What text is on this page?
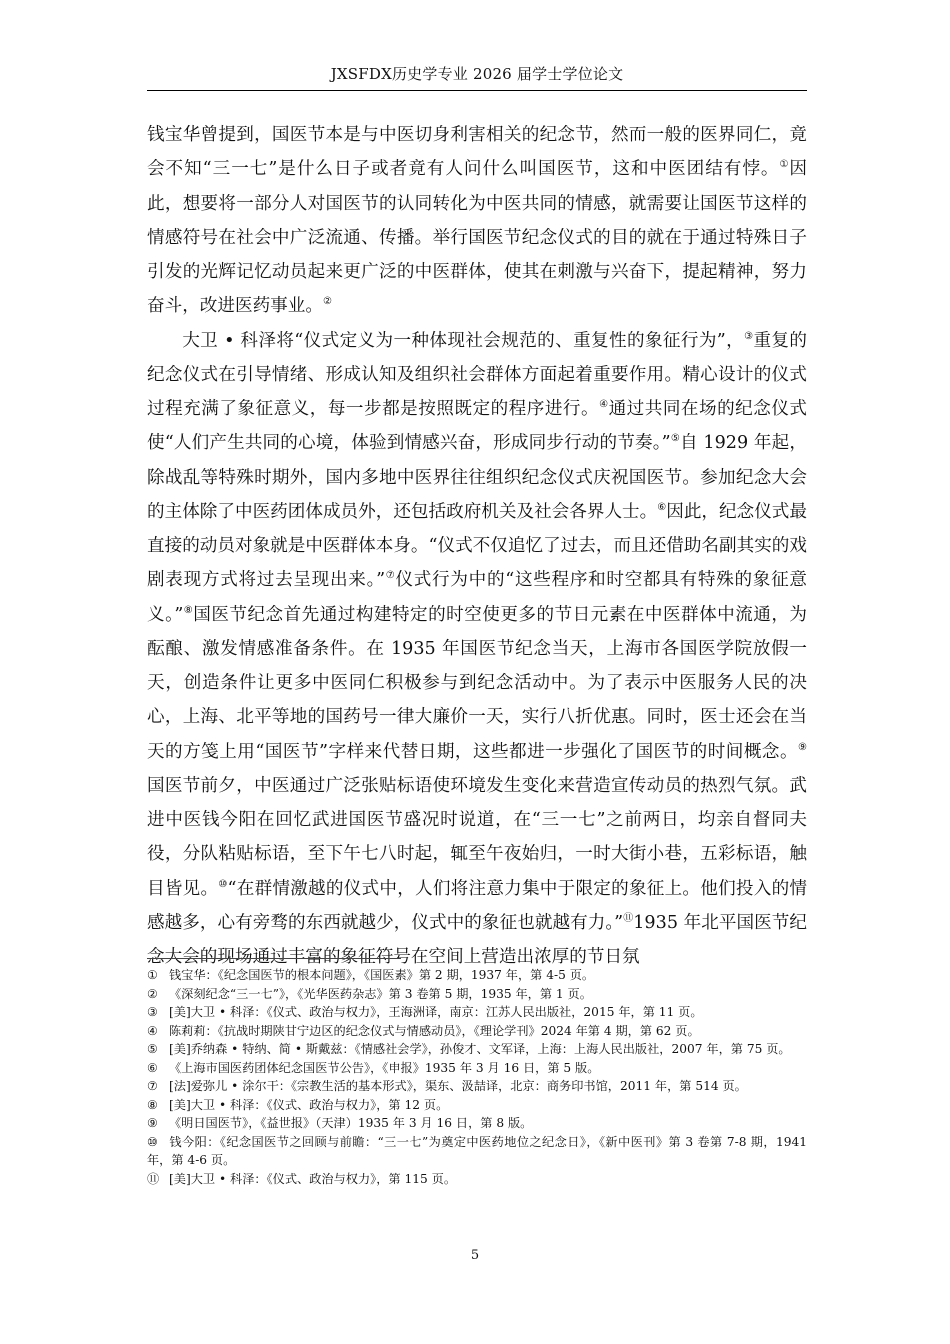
JXSFDX历史学专业 2026 届学士学位论文

钱宝华曾提到，国医节本是与中医切身利害相关的纪念节，然而一般的医界同仁，竟会不知“三一七”是什么日子或者竟有人问什么叫国医节，这和中医团结有悖。①因此，想要将一部分人对国医节的认同转化为中医共同的情感，就需要让国医节这样的情感符号在社会中广泛流通、传播。举行国医节纪念仪式的目的就在于通过特殊日子引发的光辉记忆动员起来更广泛的中医群体，使其在刺激与兴奋下，提起精神，努力奋斗，改进医药事业。②

大卫 • 科泽将“仪式定义为一种体现社会规范的、重复性的象征行为”，③重复的纪念仪式在引导情绪、形成认知及组织社会群体方面起着重要作用。精心设计的仪式过程充满了象征意义，每一步都是按照既定的程序进行。④通过共同在场的纪念仪式使“人们产生共同的心境，体验到情感兴奋，形成同步行动的节奏。”⑤自 1929 年起，除战乱等特殊时期外，国内多地中医界往往组织纪念仪式庆祝国医节。参加纪念大会的主体除了中医药团体成员外，还包括政府机关及社会各界人士。⑥因此，纪念仪式最直接的动员对象就是中医群体本身。“仪式不仅追忆了过去，而且还借助名副其实的戏剧表现方式将过去呈现出来。”⑦仪式行为中的“这些程序和时空都具有特殊的象征意义。”⑧国医节纪念首先通过构建特定的时空使更多的节日元素在中医群体中流通，为酝酿、激发情感准备条件。在 1935 年国医节纪念当天，上海市各国医学院放假一天，创造条件让更多中医同仁积极参与到纪念活动中。为了表示中医服务人民的决心，上海、北平等地的国药号一律大廉价一天，实行八折优惠。同时，医士还会在当天的方笺上用“国医节”字样来代替日期，这些都进一步强化了国医节的时间概念。⑨国医节前夕，中医通过广泛张贴标语使环境发生变化来营造宣传动员的热烈气氛。武进中医钱今阳在回忆武进国医节盛况时说道，在“三一七”之前两日，均亲自督同夫役，分队粘贴标语，至下午七八时起，辄至午夜始归，一时大街小巷，五彩标语，触目皆见。⑩“在群情激越的仪式中，人们将注意力集中于限定的象征上。他们投入的情感越多，心有旁骛的东西就越少，仪式中的象征也就越有力。”⑪1935 年北平国医节纪念大会的现场通过丰富的象征符号在空间上营造出浓厚的节日氛

① 钱宝华：《纪念国医节的根本问题》，《国医素》第 2 期，1937 年，第 4-5 页。

② 《深刻纪念“三一七”》，《光华医药杂志》第 3 卷第 5 期，1935 年，第 1 页。

③ [美]大卫 • 科泽：《仪式、政治与权力》，王海洲译，南京：江苏人民出版社，2015 年，第 11 页。

④ 陈莉莉：《抗战时期陕甘宁边区的纪念仪式与情感动员》，《理论学刊》2024 年第 4 期，第 62 页。

⑤ [美]乔纳森 • 特纳、简 • 斯戴兹：《情感社会学》，孙俊才、文军译，上海：上海人民出版社，2007 年，第 75 页。

⑥ 《上海市国医药团体纪念国医节公告》，《申报》1935 年 3 月 16 日，第 5 版。

⑦ [法]爱弥儿 • 涂尔干：《宗教生活的基本形式》，渠东、汲喆译，北京：商务印书馆，2011 年，第 514 页。

⑧ [美]大卫 • 科泽：《仪式、政治与权力》，第 12 页。

⑨ 《明日国医节》，《益世报》（天津）1935 年 3 月 16 日，第 8 版。

⑩ 钱今阳：《纪念国医节之回顾与前瞻：“三一七”为奠定中医药地位之纪念日》，《新中医刊》第 3 卷第 7-8 期，1941 年，第 4-6 页。

⑪ [美]大卫 • 科泽：《仪式、政治与权力》，第 115 页。

5
